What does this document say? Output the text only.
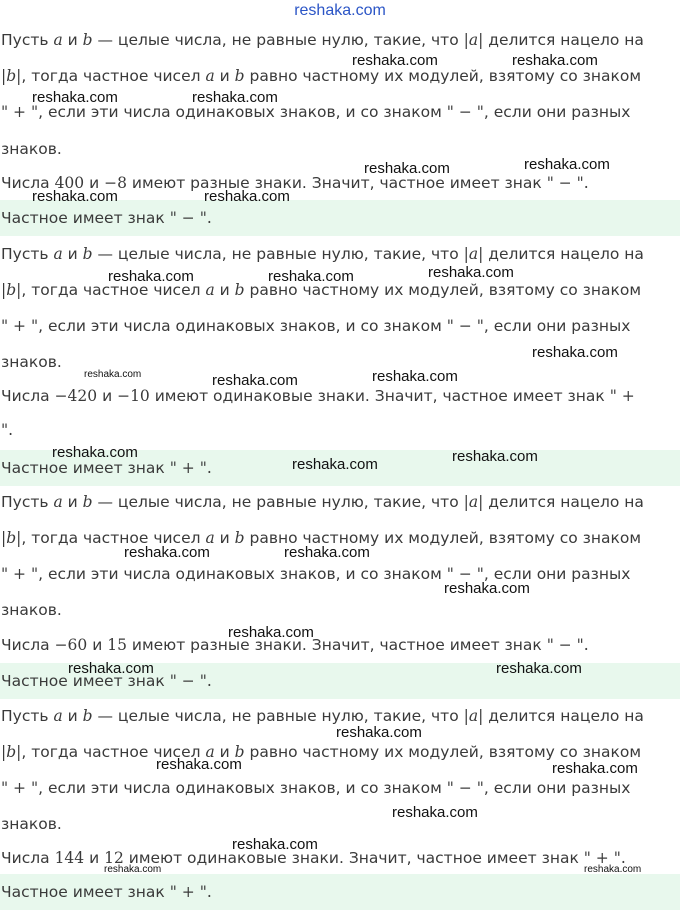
reshaka.com
Пусть a и b — целые числа, не равные нулю, такие, что |a| делится нацело на
|b|, тогда частное чисел a и b равно частному их модулей, взятому со знаком
" + ", если эти числа одинаковых знаков, и со знаком " − ", если они разных
знаков.
Числа 400 и −8 имеют разные знаки. Значит, частное имеет знак " − ".
Частное имеет знак " − ".
Пусть a и b — целые числа, не равные нулю, такие, что |a| делится нацело на
|b|, тогда частное чисел a и b равно частному их модулей, взятому со знаком
" + ", если эти числа одинаковых знаков, и со знаком " − ", если они разных
знаков.
Числа −420 и −10 имеют одинаковые знаки. Значит, частное имеет знак " +
".
Частное имеет знак " + ".
Пусть a и b — целые числа, не равные нулю, такие, что |a| делится нацело на
|b|, тогда частное чисел a и b равно частному их модулей, взятому со знаком
" + ", если эти числа одинаковых знаков, и со знаком " − ", если они разных
знаков.
Числа −60 и 15 имеют разные знаки. Значит, частное имеет знак " − ".
Частное имеет знак " − ".
Пусть a и b — целые числа, не равные нулю, такие, что |a| делится нацело на
|b|, тогда частное чисел a и b равно частному их модулей, взятому со знаком
" + ", если эти числа одинаковых знаков, и со знаком " − ", если они разных
знаков.
Числа 144 и 12 имеют одинаковые знаки. Значит, частное имеет знак " + ".
Частное имеет знак " + ".
reshaka.com	reshaka.com
reshaka.com	reshaka.com
reshaka.com	reshaka.com
reshaka.com	reshaka.com
reshaka.com	reshaka.com	reshaka.com
reshaka.com
reshaka.com	reshaka.com	reshaka.com
reshaka.com
reshaka.com	reshaka.com
reshaka.com	reshaka.com
reshaka.com
reshaka.com
reshaka.com	reshaka.com
reshaka.com
reshaka.com	reshaka.com
reshaka.com
reshaka.com
reshaka.com	reshaka.com
